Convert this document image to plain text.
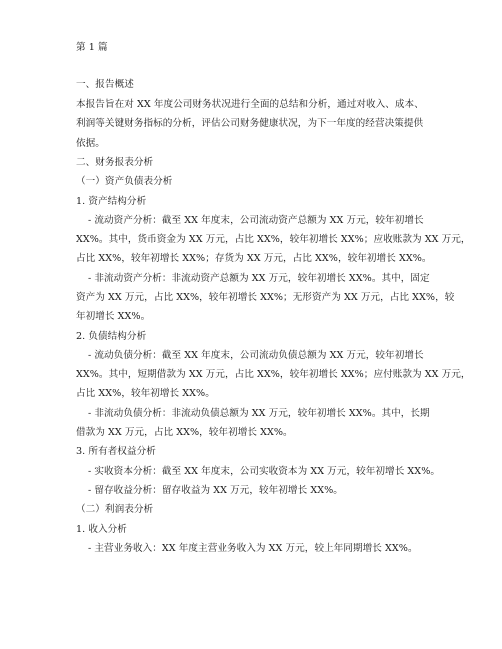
第 1 篇
一、报告概述
本报告旨在对 XX 年度公司财务状况进行全面的总结和分析，通过对收入、成本、
利润等关键财务指标的分析，评估公司财务健康状况，为下一年度的经营决策提供
依据。
二、财务报表分析
（一）资产负债表分析
1. 资产结构分析
- 流动资产分析：截至 XX 年度末，公司流动资产总额为 XX 万元，较年初增长
XX%。其中，货币资金为 XX 万元，占比 XX%，较年初增长 XX%；应收账款为 XX 万元，
占比 XX%，较年初增长 XX%；存货为 XX 万元，占比 XX%，较年初增长 XX%。
- 非流动资产分析：非流动资产总额为 XX 万元，较年初增长 XX%。其中，固定
资产为 XX 万元，占比 XX%，较年初增长 XX%；无形资产为 XX 万元，占比 XX%，较
年初增长 XX%。
2. 负债结构分析
- 流动负债分析：截至 XX 年度末，公司流动负债总额为 XX 万元，较年初增长
XX%。其中，短期借款为 XX 万元，占比 XX%，较年初增长 XX%；应付账款为 XX 万元，
占比 XX%，较年初增长 XX%。
- 非流动负债分析：非流动负债总额为 XX 万元，较年初增长 XX%。其中，长期
借款为 XX 万元，占比 XX%，较年初增长 XX%。
3. 所有者权益分析
- 实收资本分析：截至 XX 年度末，公司实收资本为 XX 万元，较年初增长 XX%。
- 留存收益分析：留存收益为 XX 万元，较年初增长 XX%。
（二）利润表分析
1. 收入分析
- 主营业务收入：XX 年度主营业务收入为 XX 万元，较上年同期增长 XX%。
